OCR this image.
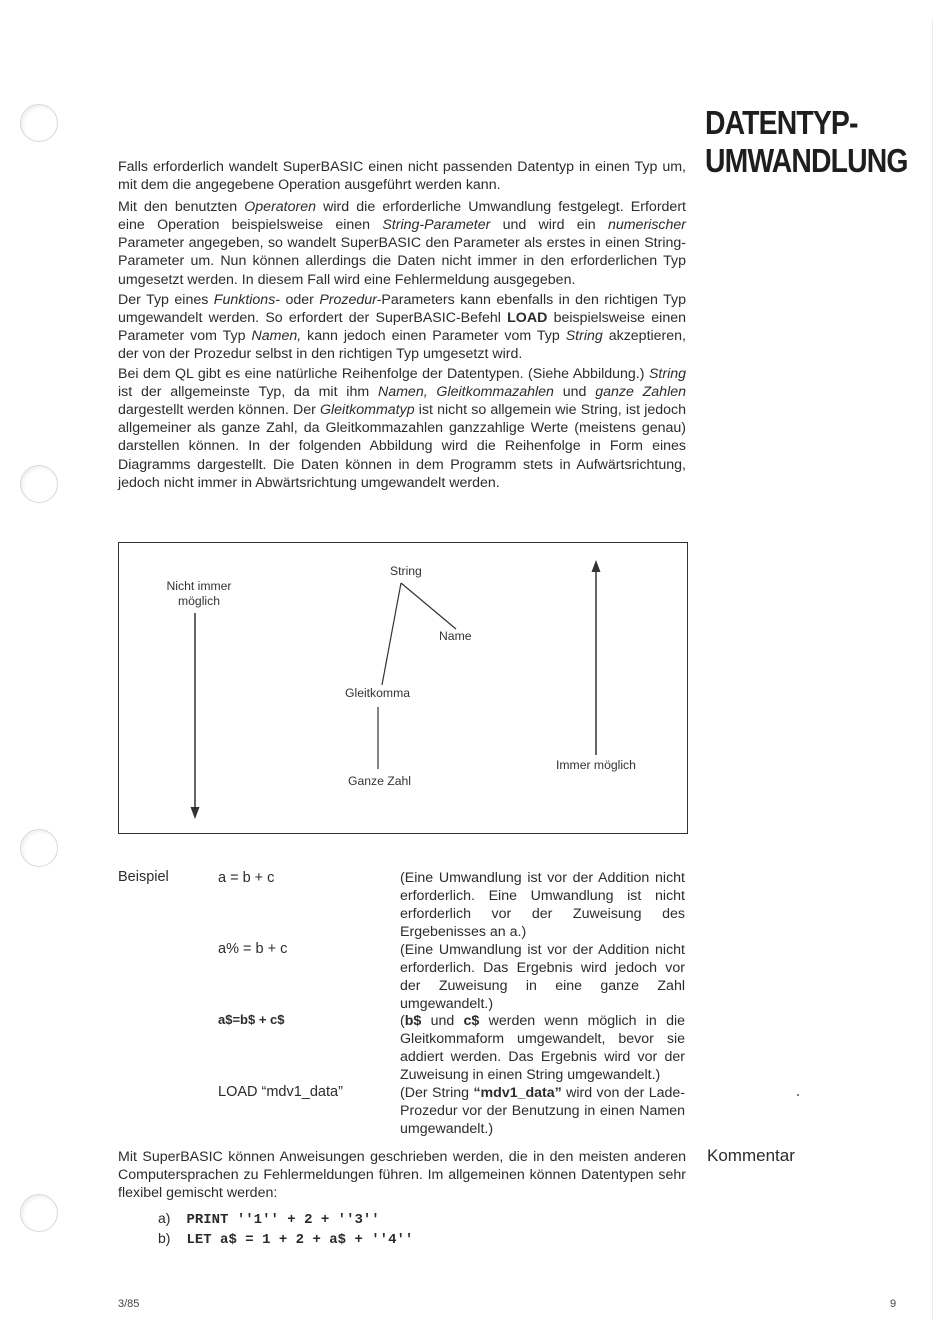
DATENTYP-
UMWANDLUNG

Falls erforderlich wandelt SuperBASIC einen nicht passenden Datentyp in einen Typ um, mit dem die angegebene Operation ausgeführt werden kann.

Mit den benutzten Operatoren wird die erforderliche Umwandlung festgelegt. Erfordert eine Operation beispielsweise einen String-Parameter und wird ein numerischer Parameter angegeben, so wandelt SuperBASIC den Parameter als erstes in einen String-Parameter um. Nun können allerdings die Daten nicht immer in den erforderlichen Typ umgesetzt werden. In diesem Fall wird eine Fehlermeldung ausgegeben.

Der Typ eines Funktions- oder Prozedur-Parameters kann ebenfalls in den richtigen Typ umgewandelt werden. So erfordert der SuperBASIC-Befehl LOAD beispielsweise einen Parameter vom Typ Namen, kann jedoch einen Parameter vom Typ String akzeptieren, der von der Prozedur selbst in den richtigen Typ umgesetzt wird.

Bei dem QL gibt es eine natürliche Reihenfolge der Datentypen. (Siehe Abbildung.) String ist der allgemeinste Typ, da mit ihm Namen, Gleitkommazahlen und ganze Zahlen dargestellt werden können. Der Gleitkommatyp ist nicht so allgemein wie String, ist jedoch allgemeiner als ganze Zahl, da Gleitkommazahlen ganzzahlige Werte (meistens genau) darstellen können. In der folgenden Abbildung wird die Reihenfolge in Form eines Diagramms dargestellt. Die Daten können in dem Programm stets in Aufwärtsrichtung, jedoch nicht immer in Abwärtsrichtung umgewandelt werden.

Nicht immer
möglich
String
Name
Gleitkomma
Ganze Zahl
Immer möglich
Beispiel	a = b + c	(Eine Umwandlung ist vor der Addition nicht erforderlich. Eine Umwandlung ist nicht erforderlich vor der Zuweisung des Ergebenisses an a.)
a% = b + c	(Eine Umwandlung ist vor der Addition nicht erforderlich. Das Ergebnis wird jedoch vor der Zuweisung in eine ganze Zahl umgewandelt.)
a$=b$ + c$	(b$ und c$ werden wenn möglich in die Gleitkommaform umgewandelt, bevor sie addiert werden. Das Ergebnis wird vor der Zuweisung in einen String umgewandelt.)
LOAD “mdv1_data”	(Der String “mdv1_data” wird von der Lade-Prozedur vor der Benutzung in einen Namen umgewandelt.)
Kommentar
Mit SuperBASIC können Anweisungen geschrieben werden, die in den meisten anderen Computersprachen zu Fehlermeldungen führen. Im allgemeinen können Datentypen sehr flexibel gemischt werden:
a) PRINT ''1'' + 2 + ''3''
b) LET a$ = 1 + 2 + a$ + ''4''
3/85	9
